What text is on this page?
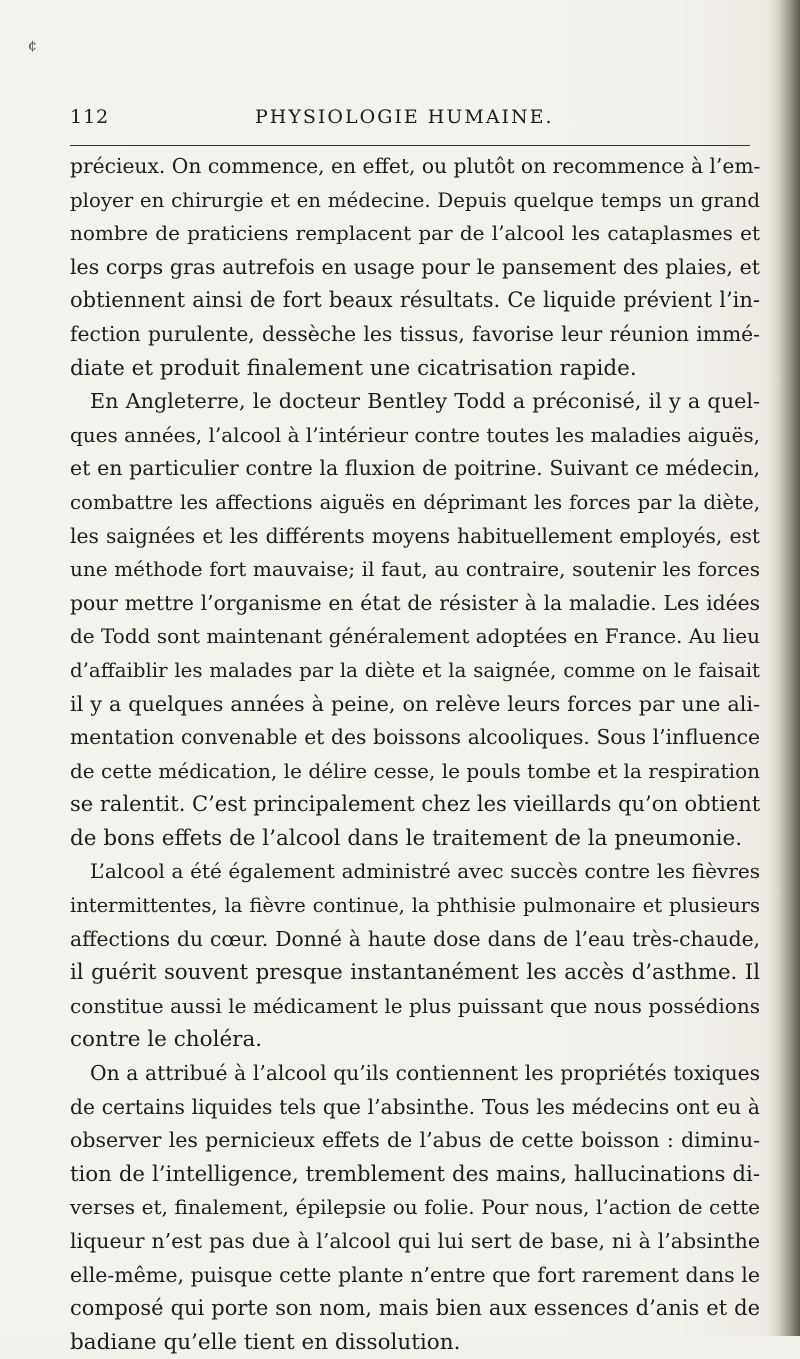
¢
112	PHYSIOLOGIE HUMAINE.
précieux. On commence, en effet, ou plutôt on recommence à l’em-
ployer en chirurgie et en médecine. Depuis quelque temps un grand
nombre de praticiens remplacent par de l’alcool les cataplasmes et
les corps gras autrefois en usage pour le pansement des plaies, et
obtiennent ainsi de fort beaux résultats. Ce liquide prévient l’in-
fection purulente, dessèche les tissus, favorise leur réunion immé-
diate et produit finalement une cicatrisation rapide.
En Angleterre, le docteur Bentley Todd a préconisé, il y a quel-
ques années, l’alcool à l’intérieur contre toutes les maladies aiguës,
et en particulier contre la fluxion de poitrine. Suivant ce médecin,
combattre les affections aiguës en déprimant les forces par la diète,
les saignées et les différents moyens habituellement employés, est
une méthode fort mauvaise; il faut, au contraire, soutenir les forces
pour mettre l’organisme en état de résister à la maladie. Les idées
de Todd sont maintenant généralement adoptées en France. Au lieu
d’affaiblir les malades par la diète et la saignée, comme on le faisait
il y a quelques années à peine, on relève leurs forces par une ali-
mentation convenable et des boissons alcooliques. Sous l’influence
de cette médication, le délire cesse, le pouls tombe et la respiration
se ralentit. C’est principalement chez les vieillards qu’on obtient
de bons effets de l’alcool dans le traitement de la pneumonie.
L’alcool a été également administré avec succès contre les fièvres
intermittentes, la fièvre continue, la phthisie pulmonaire et plusieurs
affections du cœur. Donné à haute dose dans de l’eau très-chaude,
il guérit souvent presque instantanément les accès d’asthme. Il
constitue aussi le médicament le plus puissant que nous possédions
contre le choléra.
On a attribué à l’alcool qu’ils contiennent les propriétés toxiques
de certains liquides tels que l’absinthe. Tous les médecins ont eu à
observer les pernicieux effets de l’abus de cette boisson : diminu-
tion de l’intelligence, tremblement des mains, hallucinations di-
verses et, finalement, épilepsie ou folie. Pour nous, l’action de cette
liqueur n’est pas due à l’alcool qui lui sert de base, ni à l’absinthe
elle-même, puisque cette plante n’entre que fort rarement dans le
composé qui porte son nom, mais bien aux essences d’anis et de
badiane qu’elle tient en dissolution.
